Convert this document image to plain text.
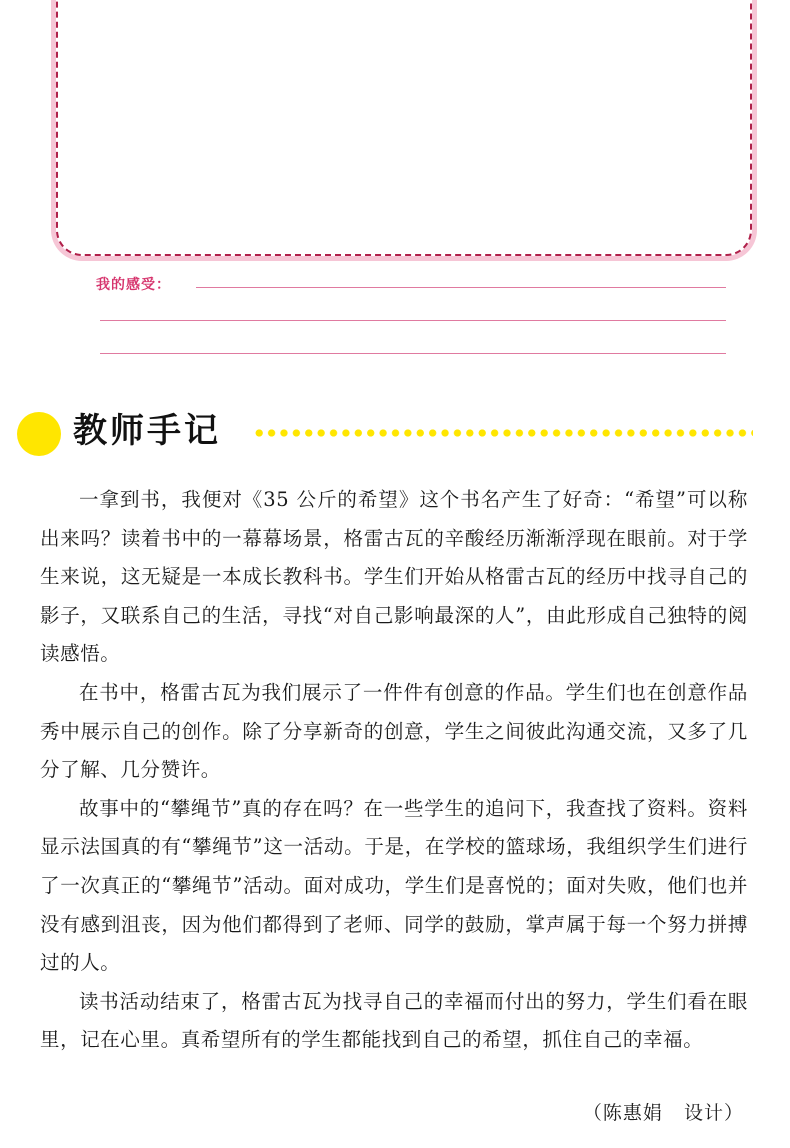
我的感受：
教师手记

一拿到书，我便对《35 公斤的希望》这个书名产生了好奇：“希望”可以称出来吗？读着书中的一幕幕场景，格雷古瓦的辛酸经历渐渐浮现在眼前。对于学生来说，这无疑是一本成长教科书。学生们开始从格雷古瓦的经历中找寻自己的影子，又联系自己的生活，寻找“对自己影响最深的人”，由此形成自己独特的阅读感悟。

在书中，格雷古瓦为我们展示了一件件有创意的作品。学生们也在创意作品秀中展示自己的创作。除了分享新奇的创意，学生之间彼此沟通交流，又多了几分了解、几分赞许。

故事中的“攀绳节”真的存在吗？在一些学生的追问下，我查找了资料。资料显示法国真的有“攀绳节”这一活动。于是，在学校的篮球场，我组织学生们进行了一次真正的“攀绳节”活动。面对成功，学生们是喜悦的；面对失败，他们也并没有感到沮丧，因为他们都得到了老师、同学的鼓励，掌声属于每一个努力拼搏过的人。

读书活动结束了，格雷古瓦为找寻自己的幸福而付出的努力，学生们看在眼里，记在心里。真希望所有的学生都能找到自己的希望，抓住自己的幸福。

（陈惠娟   设计）
